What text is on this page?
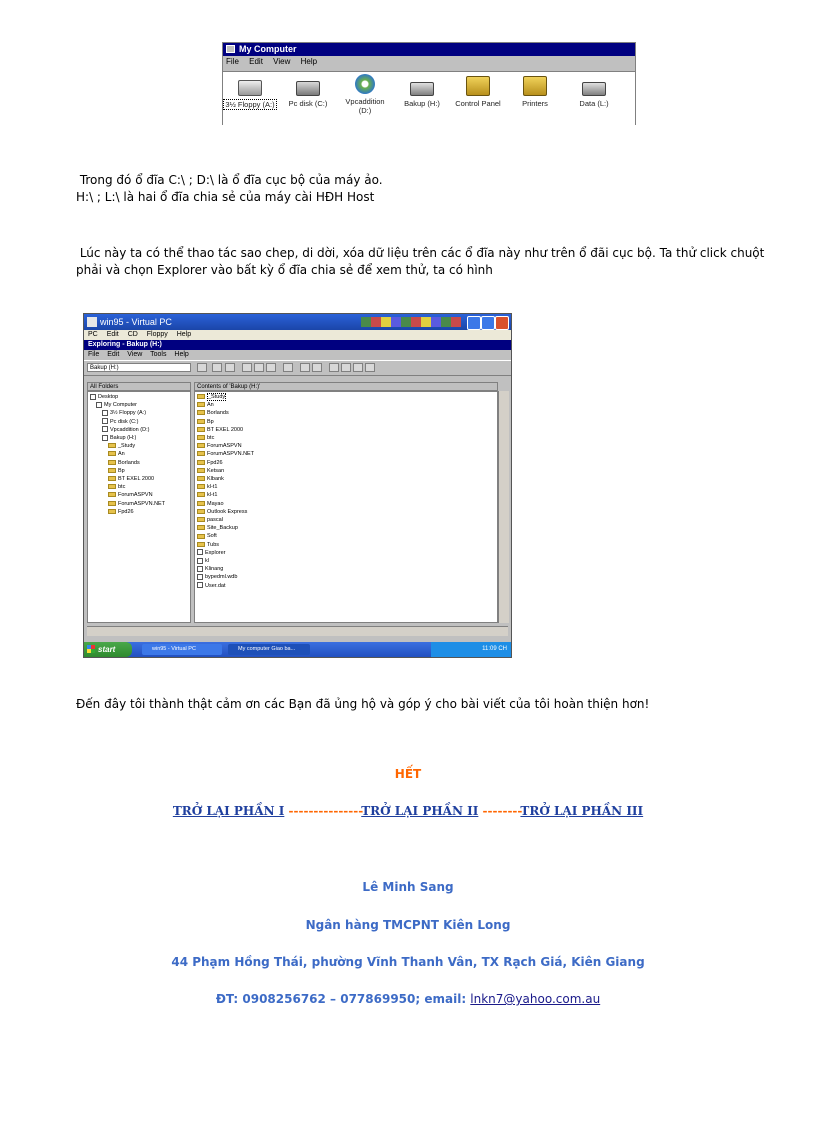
My Computer
File Edit View Help
3½ Floppy (A:)	Pc disk (C:)	Vpcaddition
(D:)
Bakup (H:)	Control Panel	Printers	Data (L:)
Trong đó ổ đĩa C:\ ; D:\ là ổ đĩa cục bộ của máy ảo.
H:\ ; L:\ là hai ổ đĩa chia sẻ của máy cài HĐH Host
Lúc này ta có thể thao tác sao chep, di dời, xóa dữ liệu trên các ổ đĩa này như trên ổ đãi cục bộ. Ta thử click chuột
phải và chọn Explorer vào bất kỳ ổ đĩa chia sẻ để xem thử, ta có hình
win95 - Virtual PC
PC Edit CD Floppy Help
Exploring - Bakup (H:)
File Edit View Tools Help
Bakup (H:)
All Folders	Contents of 'Bakup (H:)'
Desktop
My Computer
3½ Floppy (A:)
Pc disk (C:)
Vpcaddition (D:)
Bakup (H:)
_Study
An
Borlands
Bp
BT EXEL 2000
btc
ForumASPVN
ForumASPVN.NET
Fpd26
_Study
An
Borlands
Bp
BT EXEL 2000
btc
ForumASPVN
ForumASPVN.NET
Fpd26
Ketsan
Klbank
kl-t1
kl-t1
Mayao
Outlook Express
pascal
Site_Backup
Soft
Tubs
Explorer
kl
Klinang
bypedml.wdb
User.dat
start	win95 - Virtual PC	My computer Giao ba...	11:09 CH
Đến đây tôi thành thật cảm ơn các Bạn đã ủng hộ và góp ý cho bài viết của tôi hoàn thiện hơn!
HẾT
TRỞ LẠI PHẦN I ---------------TRỞ LẠI PHẦN II --------TRỞ LẠI PHẦN III
Lê Minh Sang
Ngân hàng TMCPNT Kiên Long
44 Phạm Hồng Thái, phường Vĩnh Thanh Vân, TX Rạch Giá, Kiên Giang
ĐT: 0908256762 – 077869950; email: lnkn7@yahoo.com.au
